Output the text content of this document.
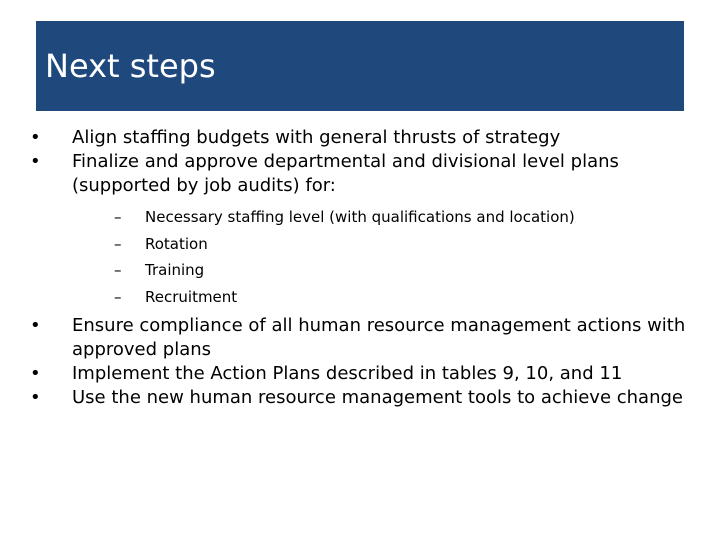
Next steps
•	Align staffing budgets with general thrusts of strategy
•	Finalize and approve departmental and divisional level plans (supported by job audits) for:
–	Necessary staffing level (with qualifications and location)
–	Rotation
–	Training
–	Recruitment
•	Ensure compliance of all human resource management actions with approved plans
•	Implement the Action Plans described in tables 9, 10, and 11
•	Use the new human resource management tools to achieve change
